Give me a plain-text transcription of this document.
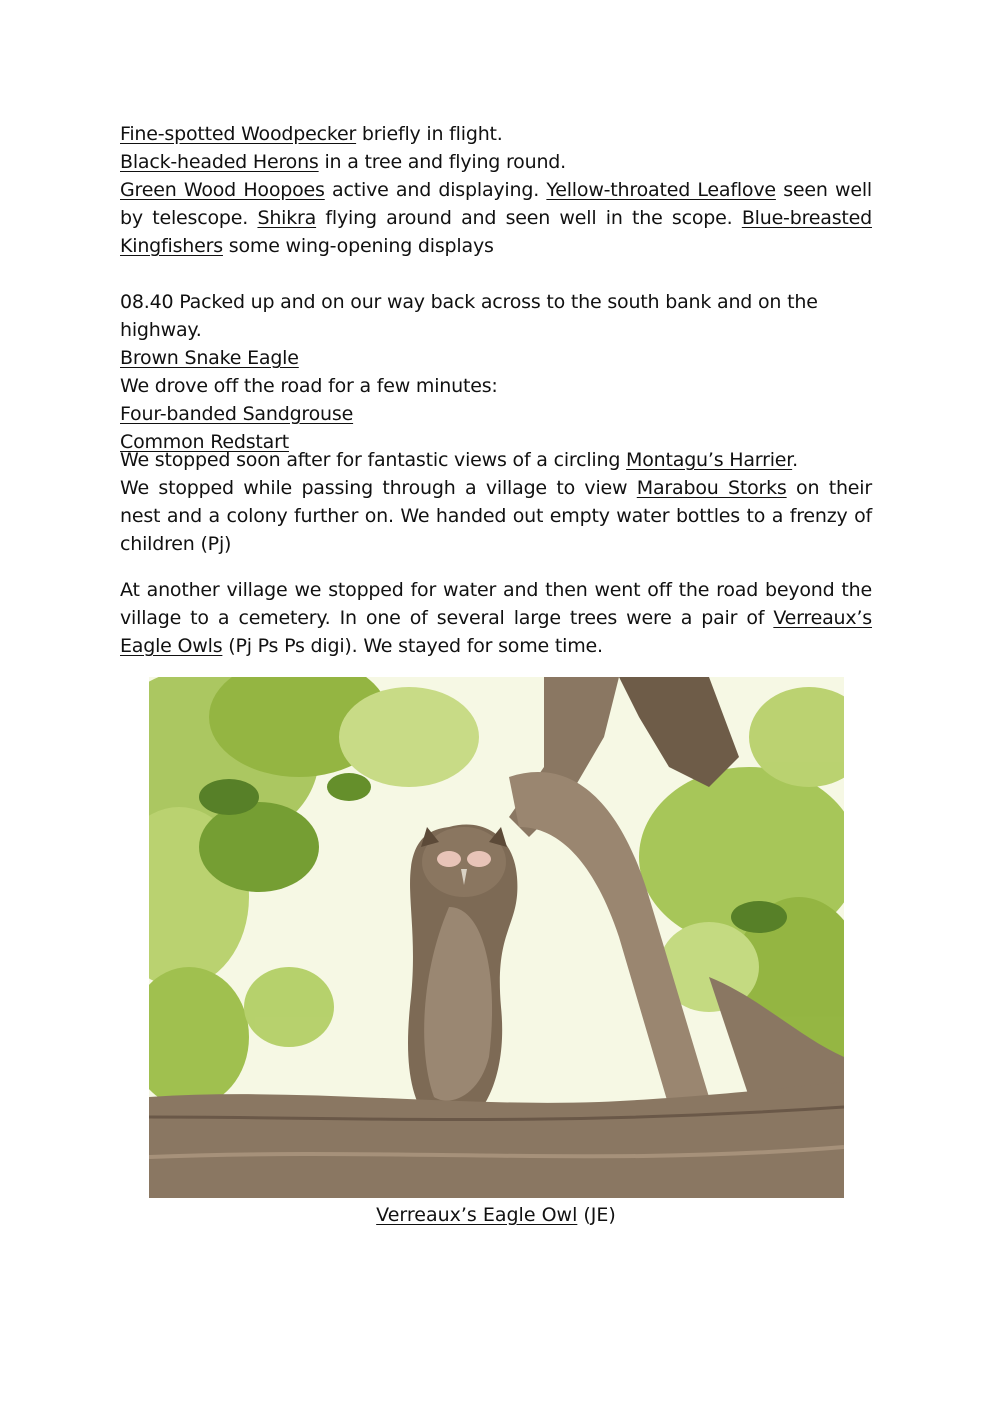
Fine-spotted Woodpecker briefly in flight.

Black-headed Herons in a tree and flying round.

Green Wood Hoopoes active and displaying. Yellow-throated Leaflove seen well by telescope. Shikra flying around and seen well in the scope. Blue-breasted Kingfishers some wing-opening displays

08.40 Packed up and on our way back across to the south bank and on the highway.

Brown Snake Eagle

We drove off the road for a few minutes:

Four-banded Sandgrouse

Common Redstart

We stopped soon after for fantastic views of a circling Montagu’s Harrier.

We stopped while passing through a village to view Marabou Storks on their nest and a colony further on. We handed out empty water bottles to a frenzy of children (Pj)

At another village we stopped for water and then went off the road beyond the village to a cemetery. In one of several large trees were a pair of Verreaux’s Eagle Owls (Pj Ps Ps digi). We stayed for some time.

Verreaux’s Eagle Owl (JE)
